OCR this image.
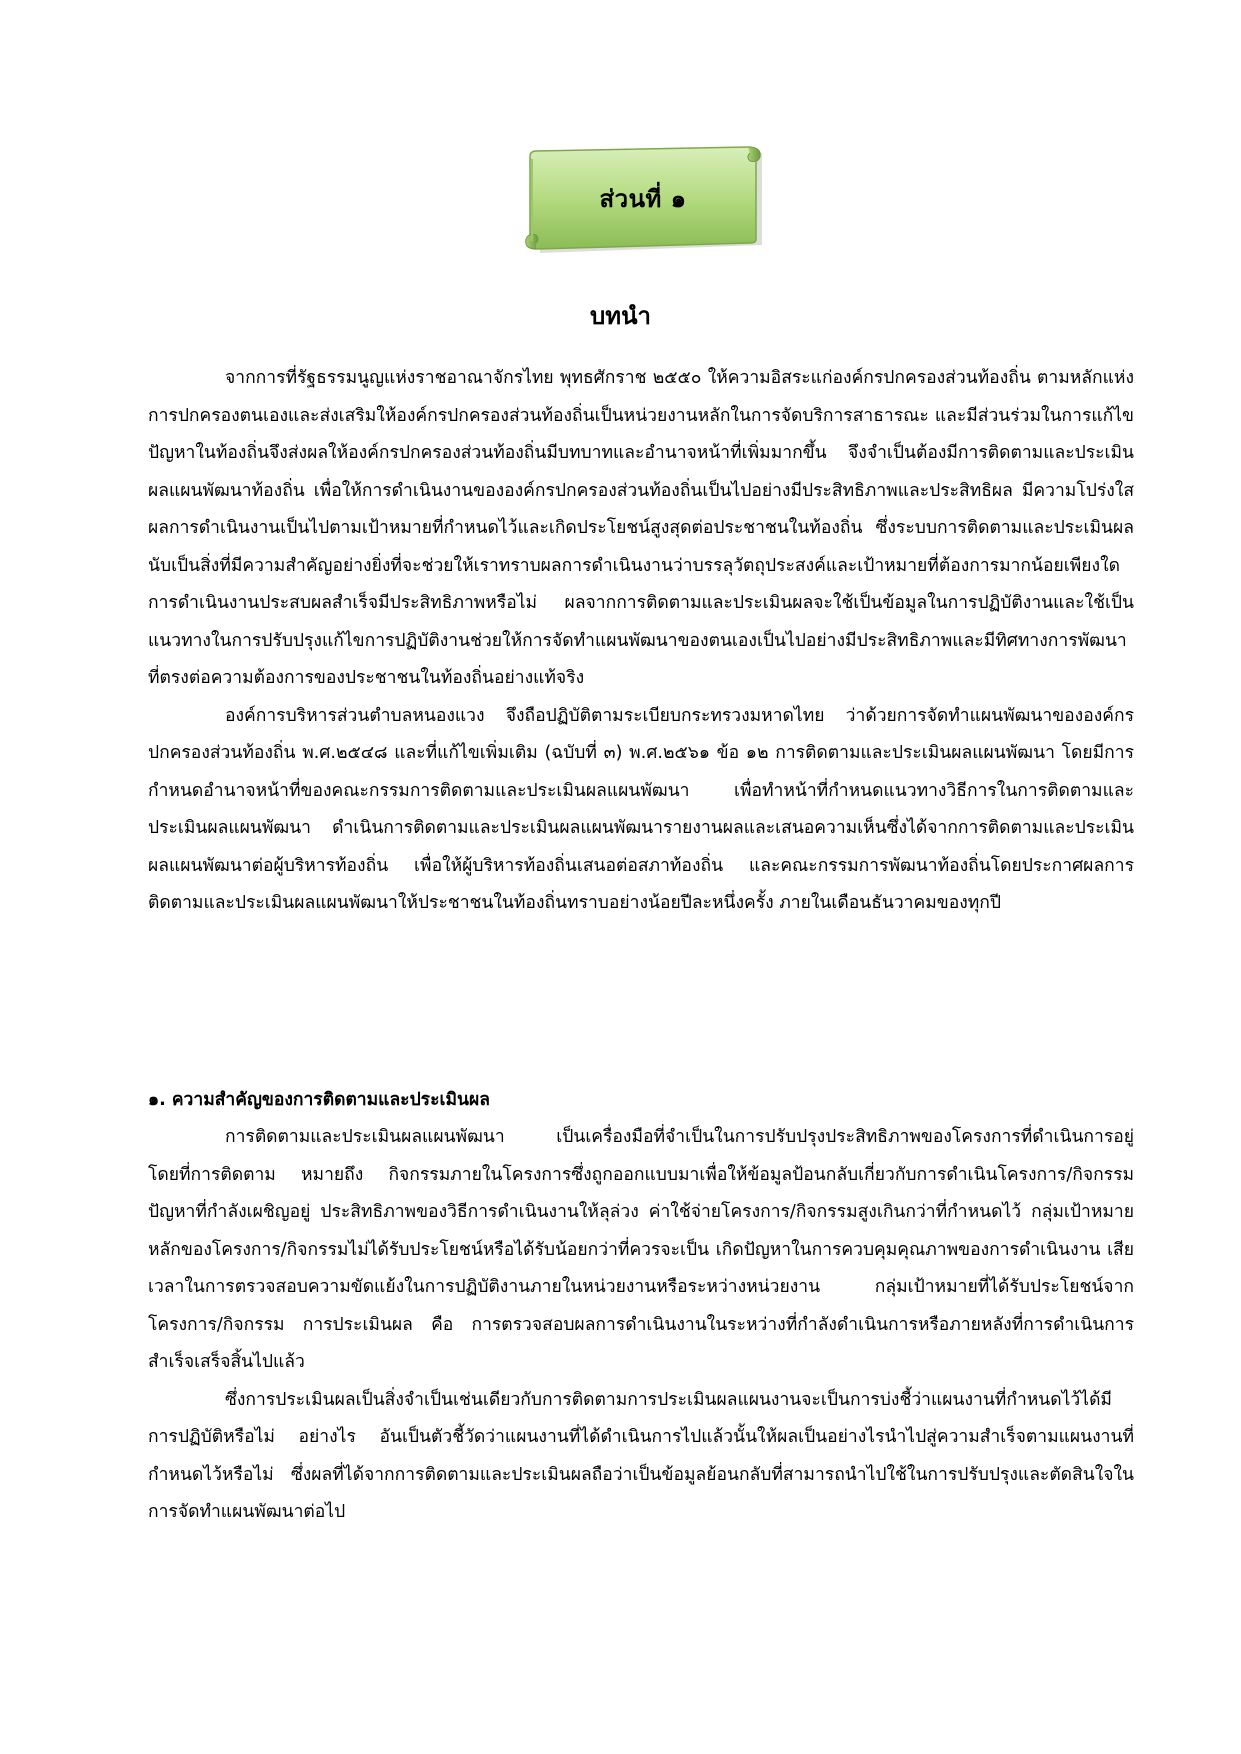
ส่วนที่ ๑
บทนำ

จากการที่รัฐธรรมนูญแห่งราชอาณาจักรไทย พุทธศักราช ๒๕๕๐ ให้ความอิสระแก่องค์กรปกครองส่วนท้องถิ่น ตามหลักแห่งการปกครองตนเองและส่งเสริมให้องค์กรปกครองส่วนท้องถิ่นเป็นหน่วยงานหลักในการจัดบริการสาธารณะ และมีส่วนร่วมในการแก้ไขปัญหาในท้องถิ่นจึงส่งผลให้องค์กรปกครองส่วนท้องถิ่นมีบทบาทและอำนาจหน้าที่เพิ่มมากขึ้น จึงจำเป็นต้องมีการติดตามและประเมินผลแผนพัฒนาท้องถิ่น เพื่อให้การดำเนินงานขององค์กรปกครองส่วนท้องถิ่นเป็นไปอย่างมีประสิทธิภาพและประสิทธิผล มีความโปร่งใส ผลการดำเนินงานเป็นไปตามเป้าหมายที่กำหนดไว้และเกิดประโยชน์สูงสุดต่อประชาชนในท้องถิ่น ซึ่งระบบการติดตามและประเมินผลนับเป็นสิ่งที่มีความสำคัญอย่างยิ่งที่จะช่วยให้เราทราบผลการดำเนินงานว่าบรรลุวัตถุประสงค์และเป้าหมายที่ต้องการมากน้อยเพียงใด การดำเนินงานประสบผลสำเร็จมีประสิทธิภาพหรือไม่ ผลจากการติดตามและประเมินผลจะใช้เป็นข้อมูลในการปฏิบัติงานและใช้เป็นแนวทางในการปรับปรุงแก้ไขการปฏิบัติงานช่วยให้การจัดทำแผนพัฒนาของตนเองเป็นไปอย่างมีประสิทธิภาพและมีทิศทางการพัฒนาที่ตรงต่อความต้องการของประชาชนในท้องถิ่นอย่างแท้จริง

องค์การบริหารส่วนตำบลหนองแวง จึงถือปฏิบัติตามระเบียบกระทรวงมหาดไทย ว่าด้วยการจัดทำแผนพัฒนาขององค์กรปกครองส่วนท้องถิ่น พ.ศ.๒๕๔๘ และที่แก้ไขเพิ่มเติม (ฉบับที่ ๓) พ.ศ.๒๕๖๑ ข้อ ๑๒ การติดตามและประเมินผลแผนพัฒนา โดยมีการกำหนดอำนาจหน้าที่ของคณะกรรมการติดตามและประเมินผลแผนพัฒนา เพื่อทำหน้าที่กำหนดแนวทางวิธีการในการติดตามและประเมินผลแผนพัฒนา ดำเนินการติดตามและประเมินผลแผนพัฒนารายงานผลและเสนอความเห็นซึ่งได้จากการติดตามและประเมินผลแผนพัฒนาต่อผู้บริหารท้องถิ่น เพื่อให้ผู้บริหารท้องถิ่นเสนอต่อสภาท้องถิ่น และคณะกรรมการพัฒนาท้องถิ่นโดยประกาศผลการติดตามและประเมินผลแผนพัฒนาให้ประชาชนในท้องถิ่นทราบอย่างน้อยปีละหนึ่งครั้ง ภายในเดือนธันวาคมของทุกปี

๑. ความสำคัญของการติดตามและประเมินผล

การติดตามและประเมินผลแผนพัฒนา เป็นเครื่องมือที่จำเป็นในการปรับปรุงประสิทธิภาพของโครงการที่ดำเนินการอยู่ โดยที่การติดตาม หมายถึง กิจกรรมภายในโครงการซึ่งถูกออกแบบมาเพื่อให้ข้อมูลป้อนกลับเกี่ยวกับการดำเนินโครงการ/กิจกรรม ปัญหาที่กำลังเผชิญอยู่ ประสิทธิภาพของวิธีการดำเนินงานให้ลุล่วง ค่าใช้จ่ายโครงการ/กิจกรรมสูงเกินกว่าที่กำหนดไว้ กลุ่มเป้าหมายหลักของโครงการ/กิจกรรมไม่ได้รับประโยชน์หรือได้รับน้อยกว่าที่ควรจะเป็น เกิดปัญหาในการควบคุมคุณภาพของการดำเนินงาน เสียเวลาในการตรวจสอบความขัดแย้งในการปฏิบัติงานภายในหน่วยงานหรือระหว่างหน่วยงาน กลุ่มเป้าหมายที่ได้รับประโยชน์จากโครงการ/กิจกรรม การประเมินผล คือ การตรวจสอบผลการดำเนินงานในระหว่างที่กำลังดำเนินการหรือภายหลังที่การดำเนินการสำเร็จเสร็จสิ้นไปแล้ว

ซึ่งการประเมินผลเป็นสิ่งจำเป็นเช่นเดียวกับการติดตามการประเมินผลแผนงานจะเป็นการบ่งชี้ว่าแผนงานที่กำหนดไว้ได้มีการปฏิบัติหรือไม่ อย่างไร อันเป็นตัวชี้วัดว่าแผนงานที่ได้ดำเนินการไปแล้วนั้นให้ผลเป็นอย่างไรนำไปสู่ความสำเร็จตามแผนงานที่กำหนดไว้หรือไม่ ซึ่งผลที่ได้จากการติดตามและประเมินผลถือว่าเป็นข้อมูลย้อนกลับที่สามารถนำไปใช้ในการปรับปรุงและตัดสินใจในการจัดทำแผนพัฒนาต่อไป
